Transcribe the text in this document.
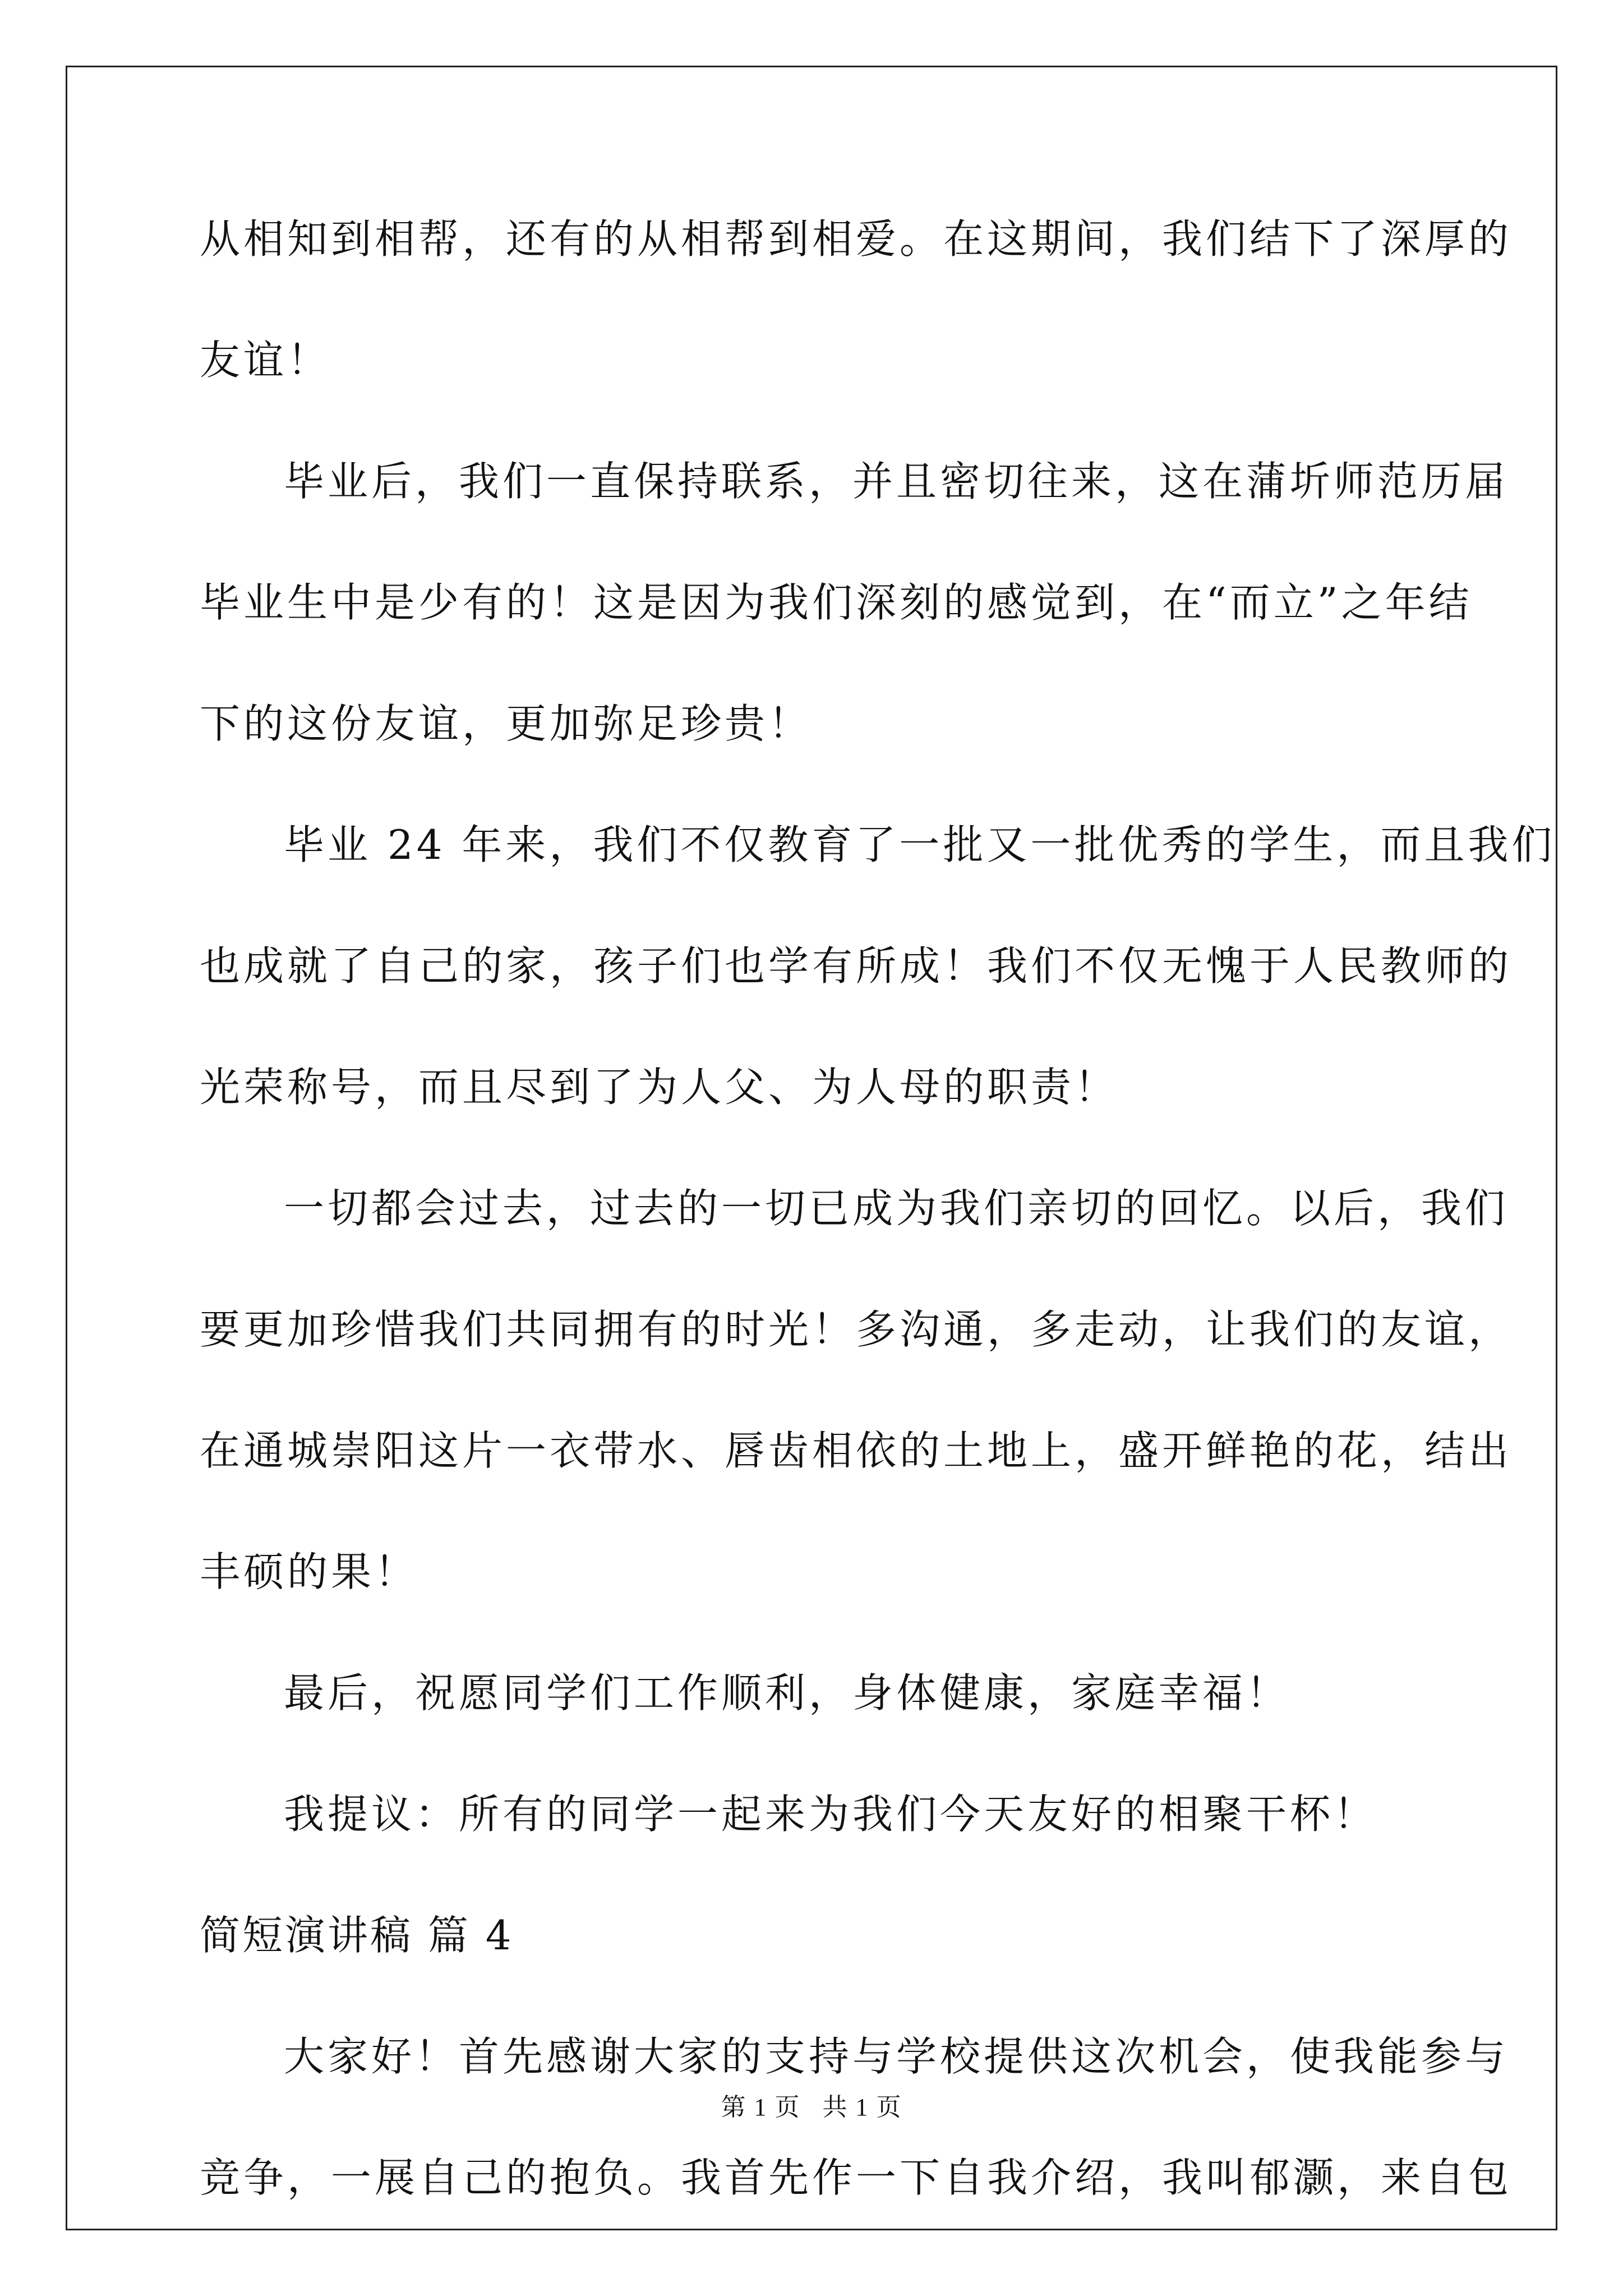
从相知到相帮，还有的从相帮到相爱。在这期间，我们结下了深厚的
友谊！
毕业后，我们一直保持联系，并且密切往来，这在蒲圻师范历届
毕业生中是少有的！这是因为我们深刻的感觉到，在“而立”之年结
下的这份友谊，更加弥足珍贵！
毕业 24 年来，我们不仅教育了一批又一批优秀的学生，而且我们
也成就了自己的家，孩子们也学有所成！我们不仅无愧于人民教师的
光荣称号，而且尽到了为人父、为人母的职责！
一切都会过去，过去的一切已成为我们亲切的回忆。以后，我们
要更加珍惜我们共同拥有的时光！多沟通，多走动，让我们的友谊，
在通城崇阳这片一衣带水、唇齿相依的土地上，盛开鲜艳的花，结出
丰硕的果！
最后，祝愿同学们工作顺利，身体健康，家庭幸福！
我提议：所有的同学一起来为我们今天友好的相聚干杯！
简短演讲稿 篇 4
大家好！首先感谢大家的支持与学校提供这次机会，使我能参与
竞争，一展自己的抱负。我首先作一下自我介绍，我叫郁灏，来自包
第 1 页   共 1 页
